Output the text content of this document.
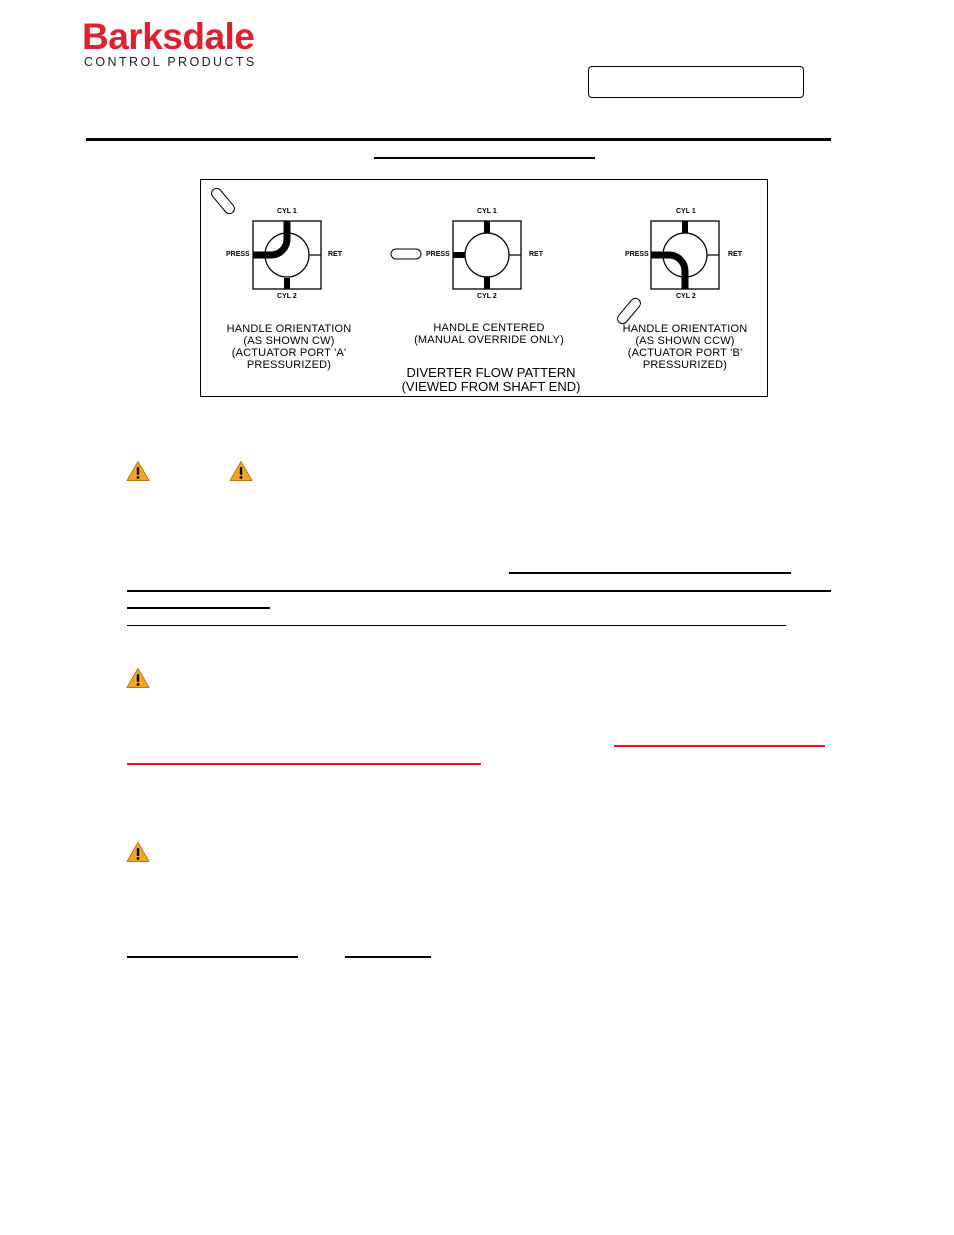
Barksdale
CONTROL PRODUCTS
CYL 1
CYL 2
PRESS	RET
CYL 1
CYL 2
PRESS	RET
CYL 1
CYL 2
PRESS	RET
HANDLE ORIENTATION
(AS SHOWN CW)
(ACTUATOR PORT 'A'
PRESSURIZED)
HANDLE CENTERED
(MANUAL OVERRIDE ONLY)
HANDLE ORIENTATION
(AS SHOWN CCW)
(ACTUATOR PORT 'B'
PRESSURIZED)
DIVERTER FLOW PATTERN
(VIEWED FROM SHAFT END)
